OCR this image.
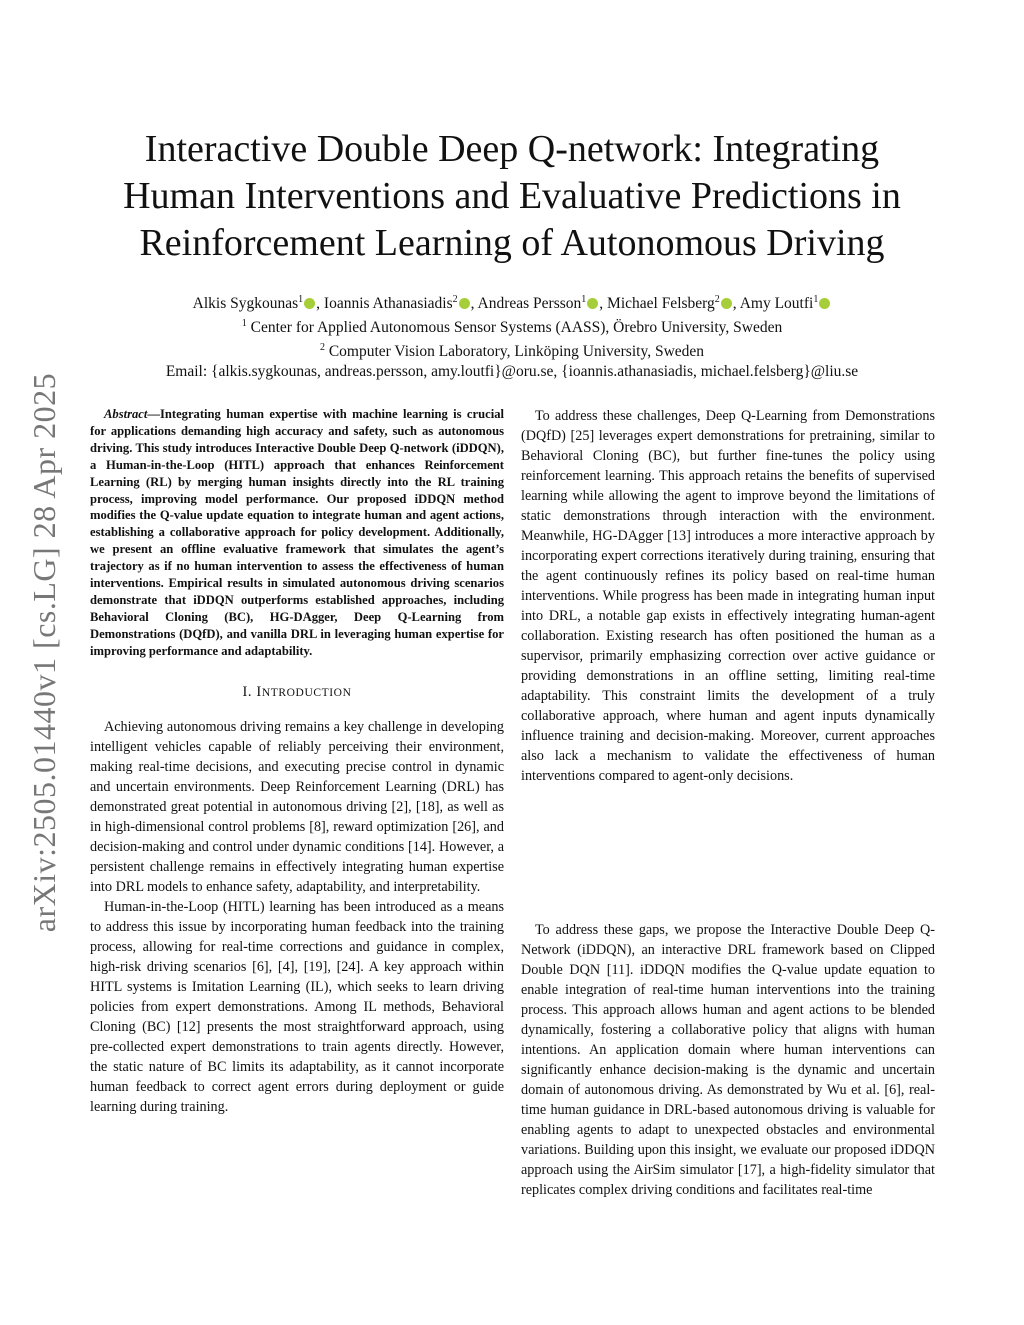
arXiv:2505.01440v1 [cs.LG] 28 Apr 2025
Interactive Double Deep Q-network: Integrating
Human Interventions and Evaluative Predictions in
Reinforcement Learning of Autonomous Driving
Alkis Sygkounas$^1$ , Ioannis Athanasiadis$^2$ , Andreas Persson$^1$ , Michael Felsberg$^2$ , Amy Loutfi$^1$
$^1$ Center for Applied Autonomous Sensor Systems (AASS), Örebro University, Sweden
$^2$ Computer Vision Laboratory, Linköping University, Sweden
Email: {alkis.sygkounas, andreas.persson, amy.loutfi}@oru.se, {ioannis.athanasiadis, michael.felsberg}@liu.se

Abstract—Integrating human expertise with machine learning is crucial for applications demanding high accuracy and safety, such as autonomous driving. This study introduces Interactive Double Deep Q-network (iDDQN), a Human-in-the-Loop (HITL) approach that enhances Reinforcement Learning (RL) by merging human insights directly into the RL training process, improving model performance. Our proposed iDDQN method modifies the Q-value update equation to integrate human and agent actions, establishing a collaborative approach for policy development. Additionally, we present an offline evaluative framework that simulates the agent’s trajectory as if no human intervention to assess the effectiveness of human interventions. Empirical results in simulated autonomous driving scenarios demonstrate that iDDQN outperforms established approaches, including Behavioral Cloning (BC), HG-DAgger, Deep Q-Learning from Demonstrations (DQfD), and vanilla DRL in leveraging human expertise for improving performance and adaptability.

I. INTRODUCTION

Achieving autonomous driving remains a key challenge in developing intelligent vehicles capable of reliably perceiving their environment, making real-time decisions, and executing precise control in dynamic and uncertain environments. Deep Reinforcement Learning (DRL) has demonstrated great potential in autonomous driving [2], [18], as well as in high-dimensional control problems [8], reward optimization [26], and decision-making and control under dynamic conditions [14]. However, a persistent challenge remains in effectively integrating human expertise into DRL models to enhance safety, adaptability, and interpretability.

Human-in-the-Loop (HITL) learning has been introduced as a means to address this issue by incorporating human feedback into the training process, allowing for real-time corrections and guidance in complex, high-risk driving scenarios [6], [4], [19], [24]. A key approach within HITL systems is Imitation Learning (IL), which seeks to learn driving policies from expert demonstrations. Among IL methods, Behavioral Cloning (BC) [12] presents the most straightforward approach, using pre-collected expert demonstrations to train agents directly. However, the static nature of BC limits its adaptability, as it cannot incorporate human feedback to correct agent errors during deployment or guide learning during training.

To address these challenges, Deep Q-Learning from Demonstrations (DQfD) [25] leverages expert demonstrations for pretraining, similar to Behavioral Cloning (BC), but further fine-tunes the policy using reinforcement learning. This approach retains the benefits of supervised learning while allowing the agent to improve beyond the limitations of static demonstrations through interaction with the environment. Meanwhile, HG-DAgger [13] introduces a more interactive approach by incorporating expert corrections iteratively during training, ensuring that the agent continuously refines its policy based on real-time human interventions. While progress has been made in integrating human input into DRL, a notable gap exists in effectively integrating human-agent collaboration. Existing research has often positioned the human as a supervisor, primarily emphasizing correction over active guidance or providing demonstrations in an offline setting, limiting real-time adaptability. This constraint limits the development of a truly collaborative approach, where human and agent inputs dynamically influence training and decision-making. Moreover, current approaches also lack a mechanism to validate the effectiveness of human interventions compared to agent-only decisions.

To address these gaps, we propose the Interactive Double Deep Q-Network (iDDQN), an interactive DRL framework based on Clipped Double DQN [11]. iDDQN modifies the Q-value update equation to enable integration of real-time human interventions into the training process. This approach allows human and agent actions to be blended dynamically, fostering a collaborative policy that aligns with human intentions. An application domain where human interventions can significantly enhance decision-making is the dynamic and uncertain domain of autonomous driving. As demonstrated by Wu et al. [6], real-time human guidance in DRL-based autonomous driving is valuable for enabling agents to adapt to unexpected obstacles and environmental variations. Building upon this insight, we evaluate our proposed iDDQN approach using the AirSim simulator [17], a high-fidelity simulator that replicates complex driving conditions and facilitates real-time
